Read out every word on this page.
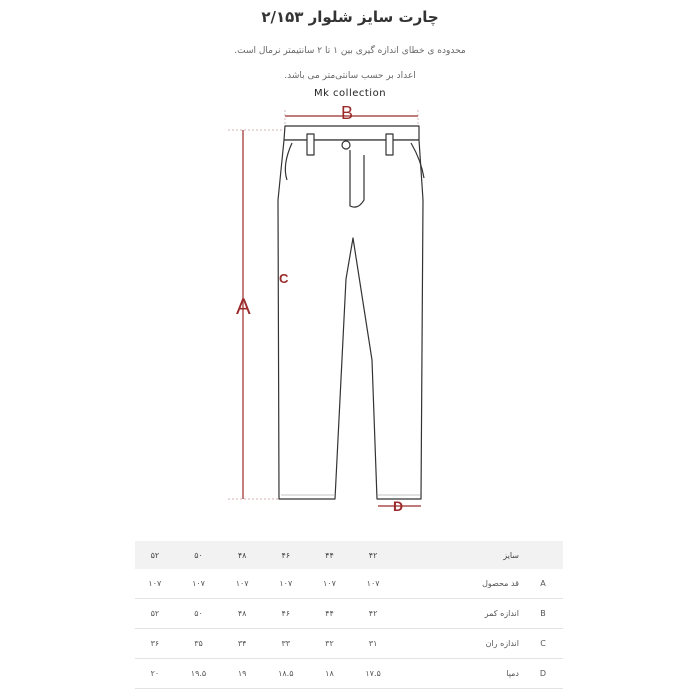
چارت سایز شلوار ۲/۱۵۳
محدوده ی خطای اندازه گیری بین ۱ تا ۲ سانتیمتر نرمال است.
اعداد بر حسب سانتی‌متر می باشد.
Mk collection
B
A
C
D
۵۲	۵۰	۴۸	۴۶	۴۴	۴۲	سایز	
۱۰۷	۱۰۷	۱۰۷	۱۰۷	۱۰۷	۱۰۷	قد محصول	A
۵۲	۵۰	۴۸	۴۶	۴۴	۴۲	اندازه کمر	B
۳۶	۳۵	۳۴	۳۳	۳۲	۳۱	اندازه ران	C
۲۰	۱۹.۵	۱۹	۱۸.۵	۱۸	۱۷.۵	دمپا	D
